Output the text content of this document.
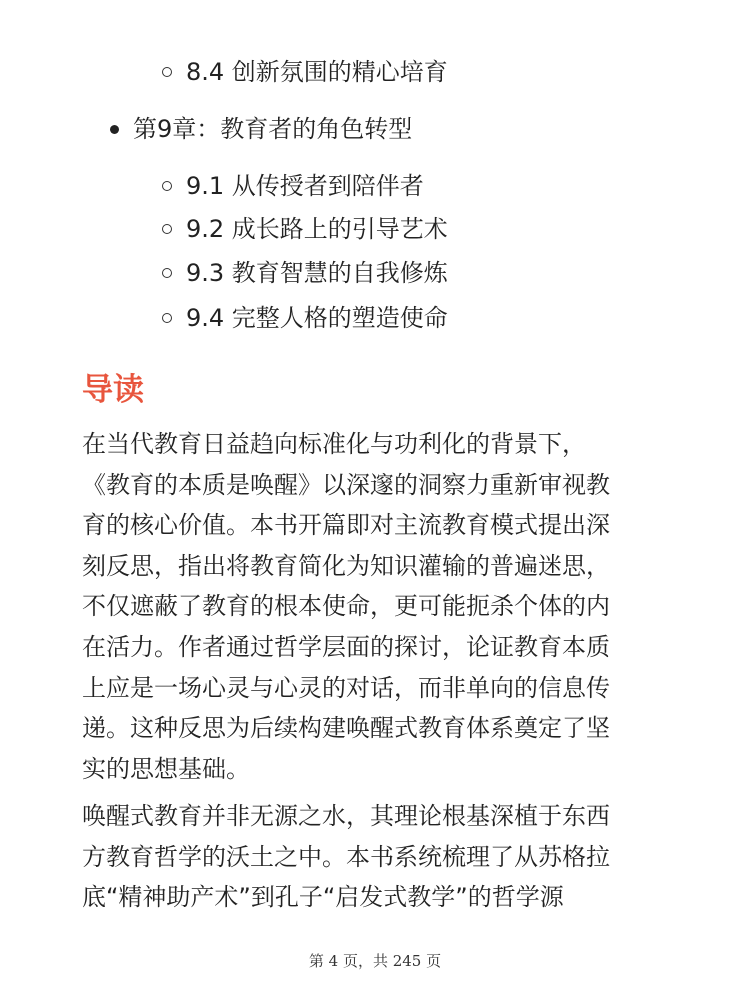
8.4 创新氛围的精心培育
第9章：教育者的角色转型
9.1 从传授者到陪伴者
9.2 成长路上的引导艺术
9.3 教育智慧的自我修炼
9.4 完整人格的塑造使命
导读

在当代教育日益趋向标准化与功利化的背景下，
《教育的本质是唤醒》以深邃的洞察力重新审视教
育的核心价值。本书开篇即对主流教育模式提出深
刻反思，指出将教育简化为知识灌输的普遍迷思，
不仅遮蔽了教育的根本使命，更可能扼杀个体的内
在活力。作者通过哲学层面的探讨，论证教育本质
上应是一场心灵与心灵的对话，而非单向的信息传
递。这种反思为后续构建唤醒式教育体系奠定了坚
实的思想基础。

唤醒式教育并非无源之水，其理论根基深植于东西
方教育哲学的沃土之中。本书系统梳理了从苏格拉
底“精神助产术”到孔子“启发式教学”的哲学源

第 4 页，共 245 页
